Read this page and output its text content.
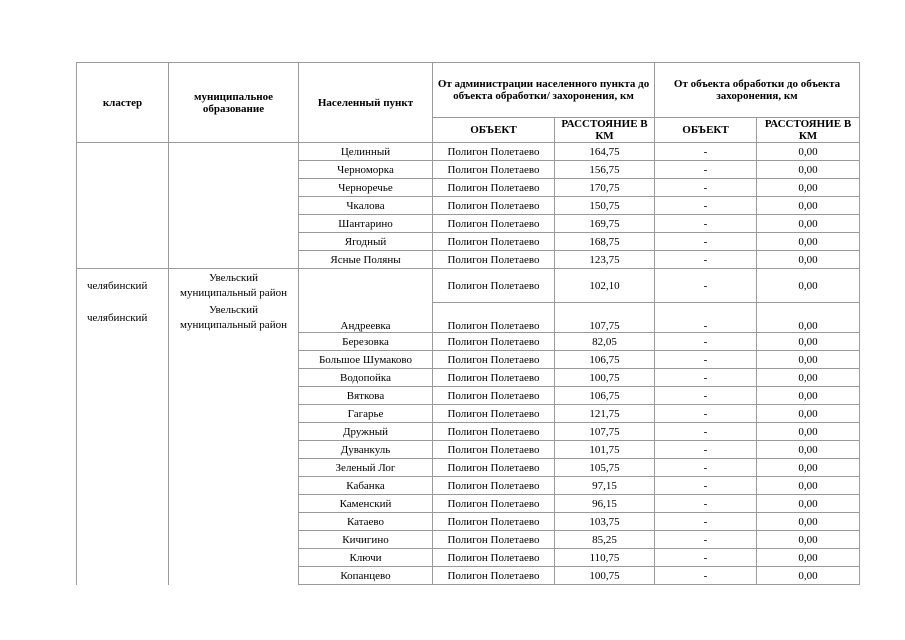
кластер	муниципальное образование	Населенный пункт	От администрации населенного пункта до объекта обработки/ захоронения, км		От объекта обработки до объекта захоронения, км	
			ОБЪЕКТ	РАССТОЯНИЕ В КМ	ОБЪЕКТ	РАССТОЯНИЕ В КМ
		Целинный	Полигон Полетаево	164,75	-	0,00
		Черноморка	Полигон Полетаево	156,75	-	0,00
		Черноречье	Полигон Полетаево	170,75	-	0,00
		Чкалова	Полигон Полетаево	150,75	-	0,00
		Шантарино	Полигон Полетаево	169,75	-	0,00
		Ягодный	Полигон Полетаево	168,75	-	0,00
		Ясные Поляны	Полигон Полетаево	123,75	-	0,00
челябинский	Увельский муниципальный район		Полигон Полетаево	102,10	-	0,00
челябинский	Увельский муниципальный район	Андреевка	Полигон Полетаево	107,75	-	0,00
		Березовка	Полигон Полетаево	82,05	-	0,00
		Большое Шумаково	Полигон Полетаево	106,75	-	0,00
		Водопойка	Полигон Полетаево	100,75	-	0,00
		Вяткова	Полигон Полетаево	106,75	-	0,00
		Гагарье	Полигон Полетаево	121,75	-	0,00
		Дружный	Полигон Полетаево	107,75	-	0,00
		Дуванкуль	Полигон Полетаево	101,75	-	0,00
		Зеленый Лог	Полигон Полетаево	105,75	-	0,00
		Кабанка	Полигон Полетаево	97,15	-	0,00
		Каменский	Полигон Полетаево	96,15	-	0,00
		Катаево	Полигон Полетаево	103,75	-	0,00
		Кичигино	Полигон Полетаево	85,25	-	0,00
		Ключи	Полигон Полетаево	110,75	-	0,00
		Копанцево	Полигон Полетаево	100,75	-	0,00
